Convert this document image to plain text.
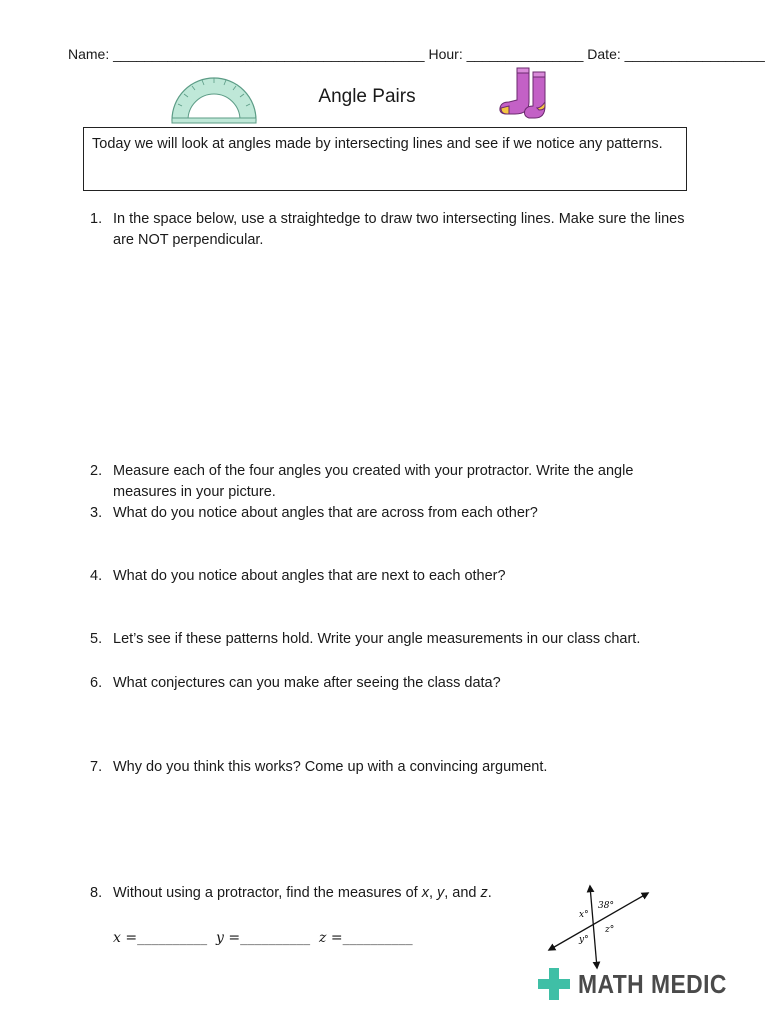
Name: ________________________________________ Hour: _______________ Date: __________________
Angle Pairs
Today we will look at angles made by intersecting lines and see if we notice any patterns.
1. In the space below, use a straightedge to draw two intersecting lines. Make sure the lines are NOT perpendicular.
2. Measure each of the four angles you created with your protractor. Write the angle measures in your picture.
3. What do you notice about angles that are across from each other?
4. What do you notice about angles that are next to each other?
5. Let’s see if these patterns hold. Write your angle measurements in our class chart.
6. What conjectures can you make after seeing the class data?
7. Why do you think this works? Come up with a convincing argument.
8. Without using a protractor, find the measures of x, y, and z.
x =__________ y =__________ z =__________
38°
x°
y°
z°
MATH MEDIC
